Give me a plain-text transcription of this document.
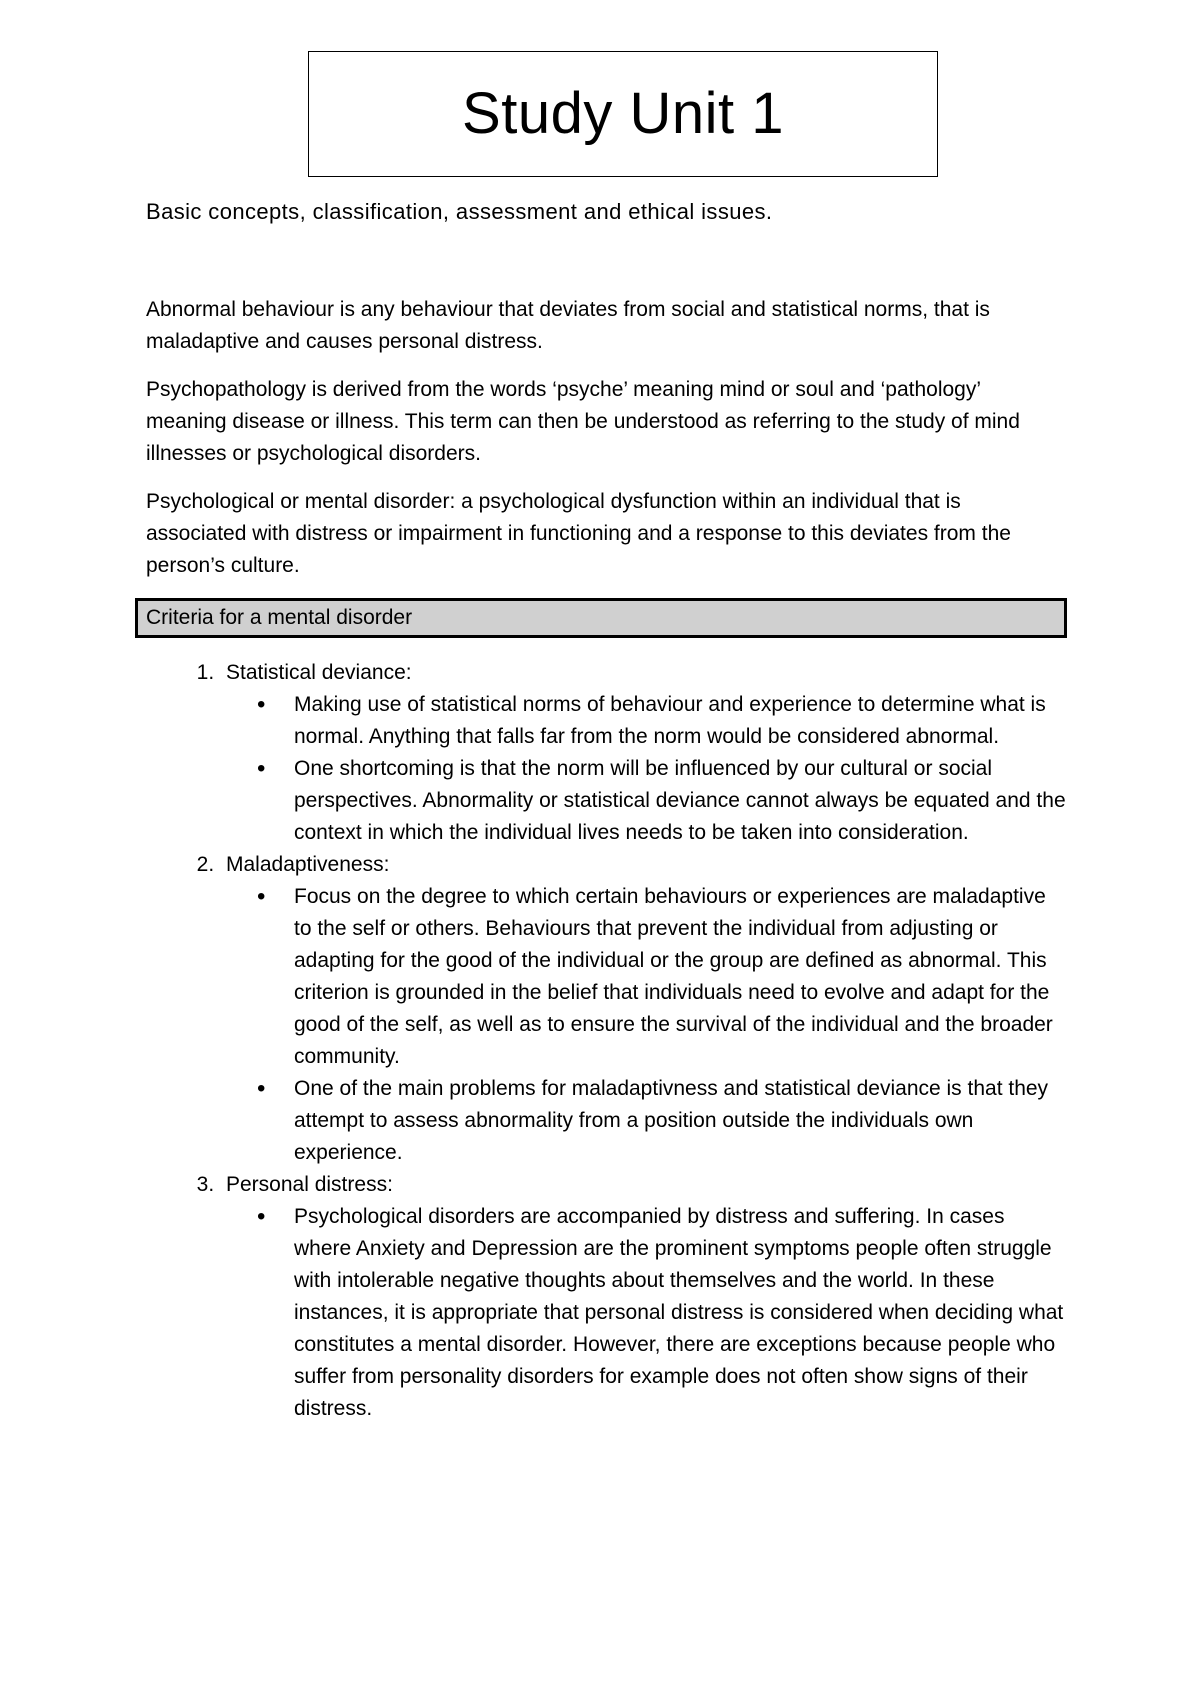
Study Unit 1
Basic concepts, classification, assessment and ethical issues.

Abnormal behaviour is any behaviour that deviates from social and statistical norms, that is maladaptive and causes personal distress.

Psychopathology is derived from the words ‘psyche’ meaning mind or soul and ‘pathology’ meaning disease or illness. This term can then be understood as referring to the study of mind illnesses or psychological disorders.

Psychological or mental disorder: a psychological dysfunction within an individual that is associated with distress or impairment in functioning and a response to this deviates from the person’s culture.

Criteria for a mental disorder
1. Statistical deviance:
• Making use of statistical norms of behaviour and experience to determine what is normal. Anything that falls far from the norm would be considered abnormal.
• One shortcoming is that the norm will be influenced by our cultural or social perspectives. Abnormality or statistical deviance cannot always be equated and the context in which the individual lives needs to be taken into consideration.
2. Maladaptiveness:
• Focus on the degree to which certain behaviours or experiences are maladaptive to the self or others. Behaviours that prevent the individual from adjusting or adapting for the good of the individual or the group are defined as abnormal. This criterion is grounded in the belief that individuals need to evolve and adapt for the good of the self, as well as to ensure the survival of the individual and the broader community.
• One of the main problems for maladaptivness and statistical deviance is that they attempt to assess abnormality from a position outside the individuals own experience.
3. Personal distress:
• Psychological disorders are accompanied by distress and suffering. In cases where Anxiety and Depression are the prominent symptoms people often struggle with intolerable negative thoughts about themselves and the world. In these instances, it is appropriate that personal distress is considered when deciding what constitutes a mental disorder. However, there are exceptions because people who suffer from personality disorders for example does not often show signs of their distress.
